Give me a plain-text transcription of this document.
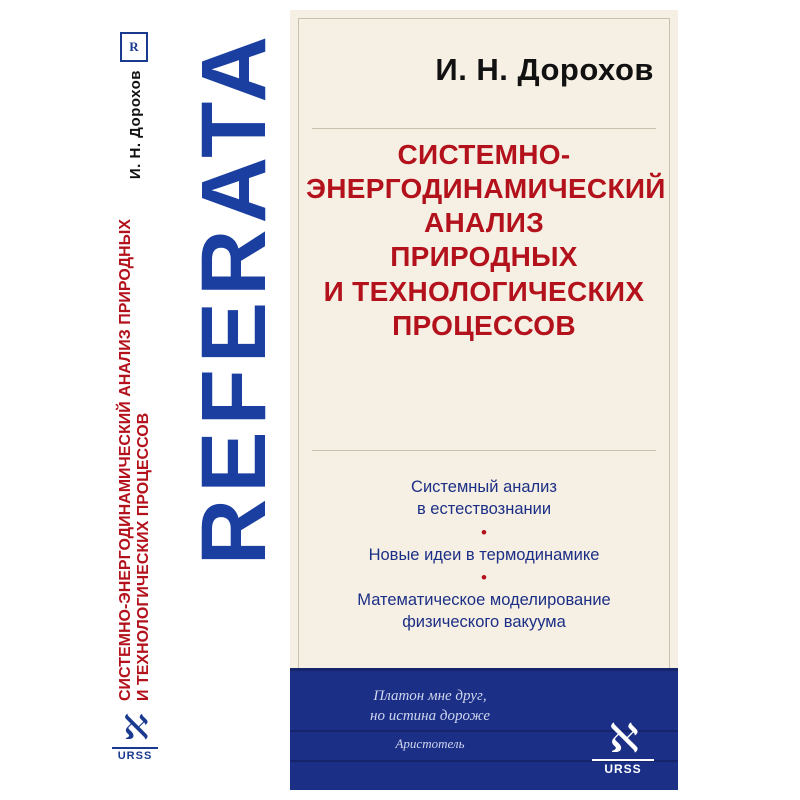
R
И. Н. Дорохов
СИСТЕМНО-ЭНЕРГОДИНАМИЧЕСКИЙ АНАЛИЗ ПРИРОДНЫХ И ТЕХНОЛОГИЧЕСКИХ ПРОЦЕССОВ
ℵ
URSS
REFERATA	И. Н. Дорохов
СИСТЕМНО-
ЭНЕРГОДИНАМИЧЕСКИЙ
АНАЛИЗ
ПРИРОДНЫХ
И ТЕХНОЛОГИЧЕСКИХ
ПРОЦЕССОВ
Системный анализ
в естествознании
•
Новые идеи в термодинамике
•
Математическое моделирование
физического вакуума
Платон мне друг,
но истина дороже
Аристотель	ℵ
URSS
